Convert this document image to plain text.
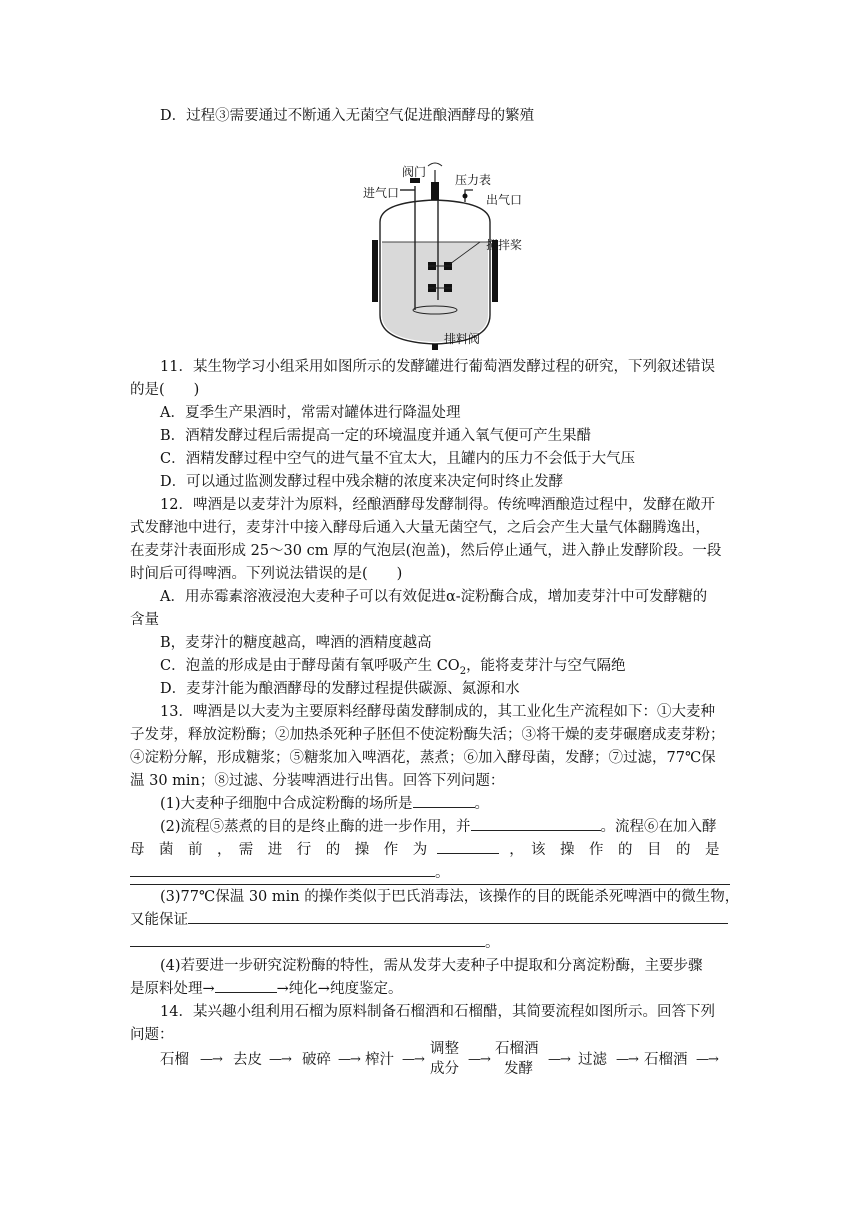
D．过程③需要通过不断通入无菌空气促进酿酒酵母的繁殖
阀门
进气口
压力表
出气口
搅拌桨
排料阀
11．某生物学习小组采用如图所示的发酵罐进行葡萄酒发酵过程的研究，下列叙述错误
的是(　　)
A．夏季生产果酒时，常需对罐体进行降温处理
B．酒精发酵过程后需提高一定的环境温度并通入氧气便可产生果醋
C．酒精发酵过程中空气的进气量不宜太大，且罐内的压力不会低于大气压
D．可以通过监测发酵过程中残余糖的浓度来决定何时终止发酵
12．啤酒是以麦芽汁为原料，经酿酒酵母发酵制得。传统啤酒酿造过程中，发酵在敞开
式发酵池中进行，麦芽汁中接入酵母后通入大量无菌空气，之后会产生大量气体翻腾逸出，
在麦芽汁表面形成 25～30 cm 厚的气泡层(泡盖)，然后停止通气，进入静止发酵阶段。一段
时间后可得啤酒。下列说法错误的是(　　)
A．用赤霉素溶液浸泡大麦种子可以有效促进α-淀粉酶合成，增加麦芽汁中可发酵糖的
含量
B，麦芽汁的糖度越高，啤酒的酒精度越高
C．泡盖的形成是由于酵母菌有氧呼吸产生 $CO_2$，能将麦芽汁与空气隔绝
D．麦芽汁能为酿酒酵母的发酵过程提供碳源、氮源和水
13．啤酒是以大麦为主要原料经酵母菌发酵制成的，其工业化生产流程如下：①大麦种
子发芽，释放淀粉酶；②加热杀死种子胚但不使淀粉酶失活；③将干燥的麦芽碾磨成麦芽粉；
④淀粉分解，形成糖浆；⑤糖浆加入啤酒花，蒸煮；⑥加入酵母菌，发酵；⑦过滤，77℃保
温 30 min；⑧过滤、分装啤酒进行出售。回答下列问题：
(1)大麦种子细胞中合成淀粉酶的场所是	。
(2)流程⑤蒸煮的目的是终止酶的进一步作用，并	。流程⑥在加入酵
母　菌　前　，　需　进　行　的　操　作　为	，　该　操　作　的　目　的　是
。
(3)77℃保温 30 min 的操作类似于巴氏消毒法，该操作的目的既能杀死啤酒中的微生物，
又能保证
。
(4)若要进一步研究淀粉酶的特性，需从发芽大麦种子中提取和分离淀粉酶，主要步骤
是原料处理→	→纯化→纯度鉴定。
14．某兴趣小组利用石榴为原料制备石榴酒和石榴醋，其简要流程如图所示。回答下列
问题：
石榴 —→ 去皮 —→ 破碎 —→ 榨汁 —→
调整
成分
—→
石榴酒
发酵
—→ 过滤 —→ 石榴酒 —→
